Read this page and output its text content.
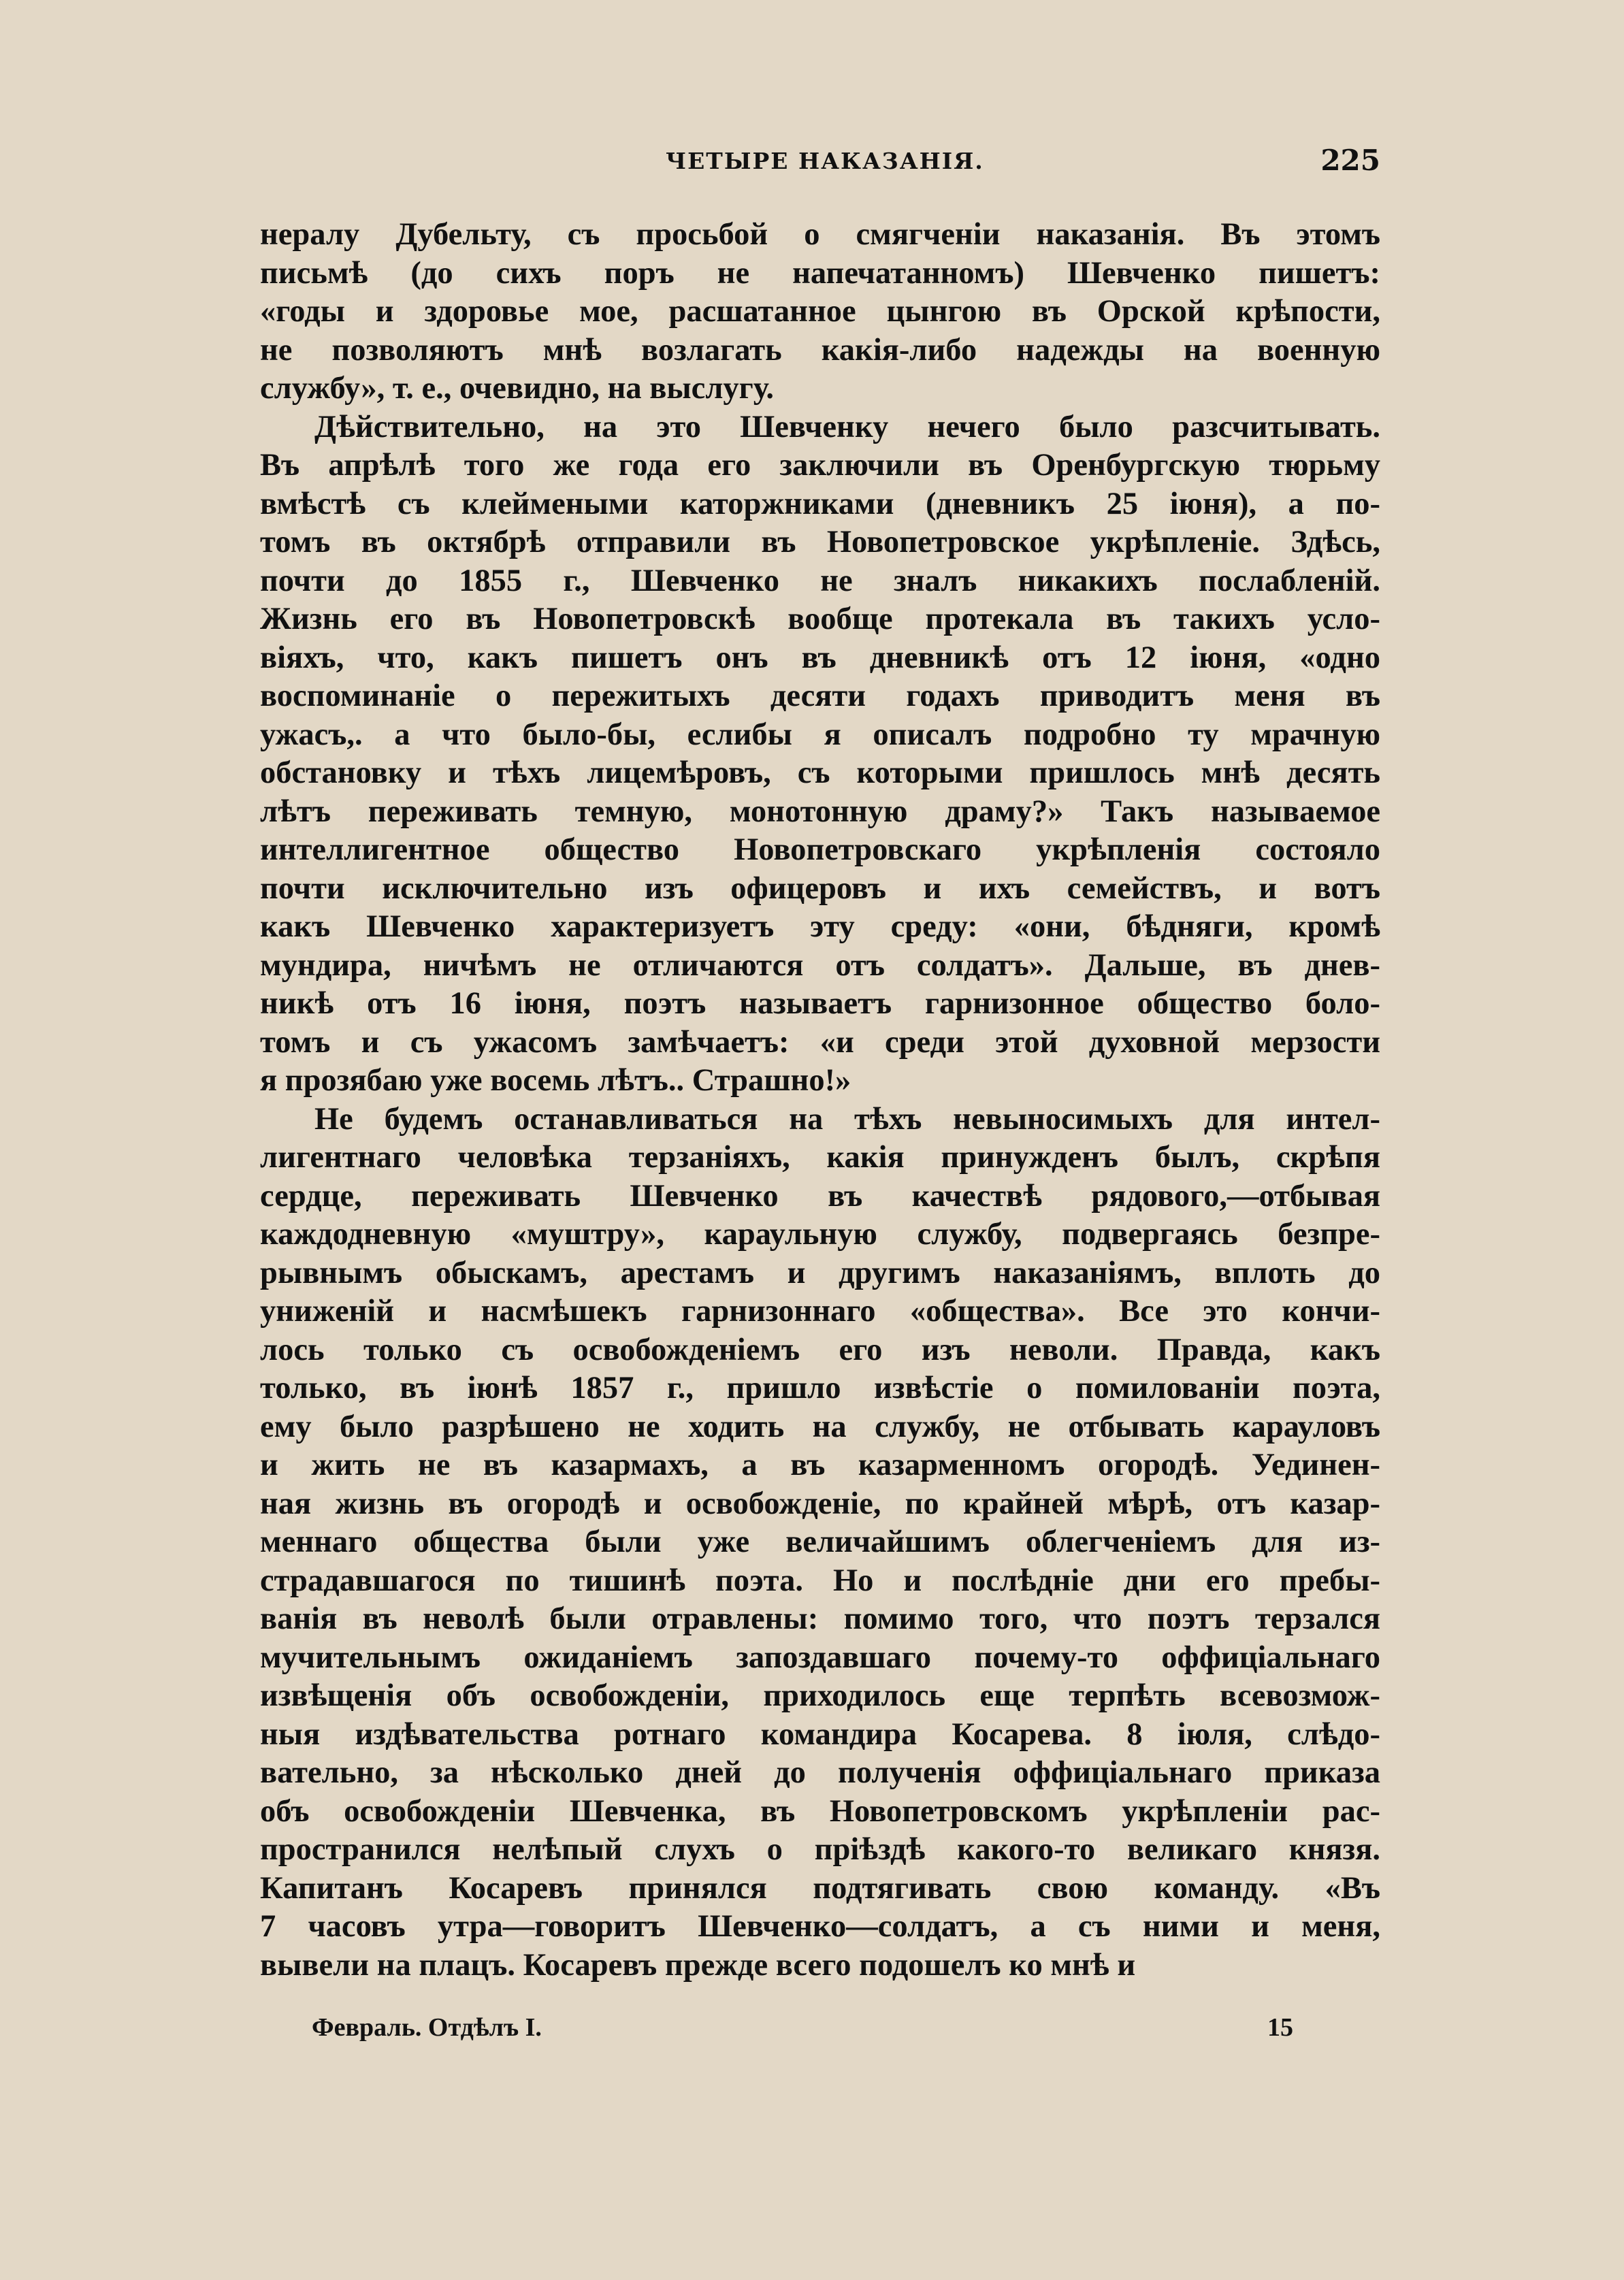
ЧЕТЫРЕ НАКАЗАНІЯ.	225
нералу Дубельту, съ просьбой о смягченіи наказанія. Въ этомъ
письмѣ (до сихъ поръ не напечатанномъ) Шевченко пишетъ:
«годы и здоровье мое, расшатанное цынгою въ Орской крѣпости,
не позволяютъ мнѣ возлагать какія-либо надежды на военную
службу», т. е., очевидно, на выслугу.
Дѣйствительно, на это Шевченку нечего было разсчитывать.
Въ апрѣлѣ того же года его заключили въ Оренбургскую тюрьму
вмѣстѣ съ клеймеными каторжниками (дневникъ 25 іюня), а по-
томъ въ октябрѣ отправили въ Новопетровское укрѣпленіе. Здѣсь,
почти до 1855 г., Шевченко не зналъ никакихъ послабленій.
Жизнь его въ Новопетровскѣ вообще протекала въ такихъ усло-
віяхъ, что, какъ пишетъ онъ въ дневникѣ отъ 12 іюня, «одно
воспоминаніе о пережитыхъ десяти годахъ приводитъ меня въ
ужасъ,. а что было-бы, еслибы я описалъ подробно ту мрачную
обстановку и тѣхъ лицемѣровъ, съ которыми пришлось мнѣ десять
лѣтъ переживать темную, монотонную драму?» Такъ называемое
интеллигентное общество Новопетровскаго укрѣпленія состояло
почти исключительно изъ офицеровъ и ихъ семействъ, и вотъ
какъ Шевченко характеризуетъ эту среду: «они, бѣдняги, кромѣ
мундира, ничѣмъ не отличаются отъ солдатъ». Дальше, въ днев-
никѣ отъ 16 іюня, поэтъ называетъ гарнизонное общество боло-
томъ и съ ужасомъ замѣчаетъ: «и среди этой духовной мерзости
я прозябаю уже восемь лѣтъ.. Страшно!»
Не будемъ останавливаться на тѣхъ невыносимыхъ для интел-
лигентнаго человѣка терзаніяхъ, какія принужденъ былъ, скрѣпя
сердце, переживать Шевченко въ качествѣ рядового,—отбывая
каждодневную «муштру», караульную службу, подвергаясь безпре-
рывнымъ обыскамъ, арестамъ и другимъ наказаніямъ, вплоть до
униженій и насмѣшекъ гарнизоннаго «общества». Все это кончи-
лось только съ освобожденіемъ его изъ неволи. Правда, какъ
только, въ іюнѣ 1857 г., пришло извѣстіе о помилованіи поэта,
ему было разрѣшено не ходить на службу, не отбывать карауловъ
и жить не въ казармахъ, а въ казарменномъ огородѣ. Уединен-
ная жизнь въ огородѣ и освобожденіе, по крайней мѣрѣ, отъ казар-
меннаго общества были уже величайшимъ облегченіемъ для из-
страдавшагося по тишинѣ поэта. Но и послѣдніе дни его пребы-
ванія въ неволѣ были отравлены: помимо того, что поэтъ терзался
мучительнымъ ожиданіемъ запоздавшаго почему-то оффиціальнаго
извѣщенія объ освобожденіи, приходилось еще терпѣть всевозмож-
ныя издѣвательства ротнаго командира Косарева. 8 іюля, слѣдо-
вательно, за нѣсколько дней до полученія оффиціальнаго приказа
объ освобожденіи Шевченка, въ Новопетровскомъ укрѣпленіи рас-
пространился нелѣпый слухъ о пріѣздѣ какого-то великаго князя.
Капитанъ Косаревъ принялся подтягивать свою команду. «Въ
7 часовъ утра—говоритъ Шевченко—солдатъ, а съ ними и меня,
вывели на плацъ. Косаревъ прежде всего подошелъ ко мнѣ и
Февраль. Отдѣлъ I.	15
